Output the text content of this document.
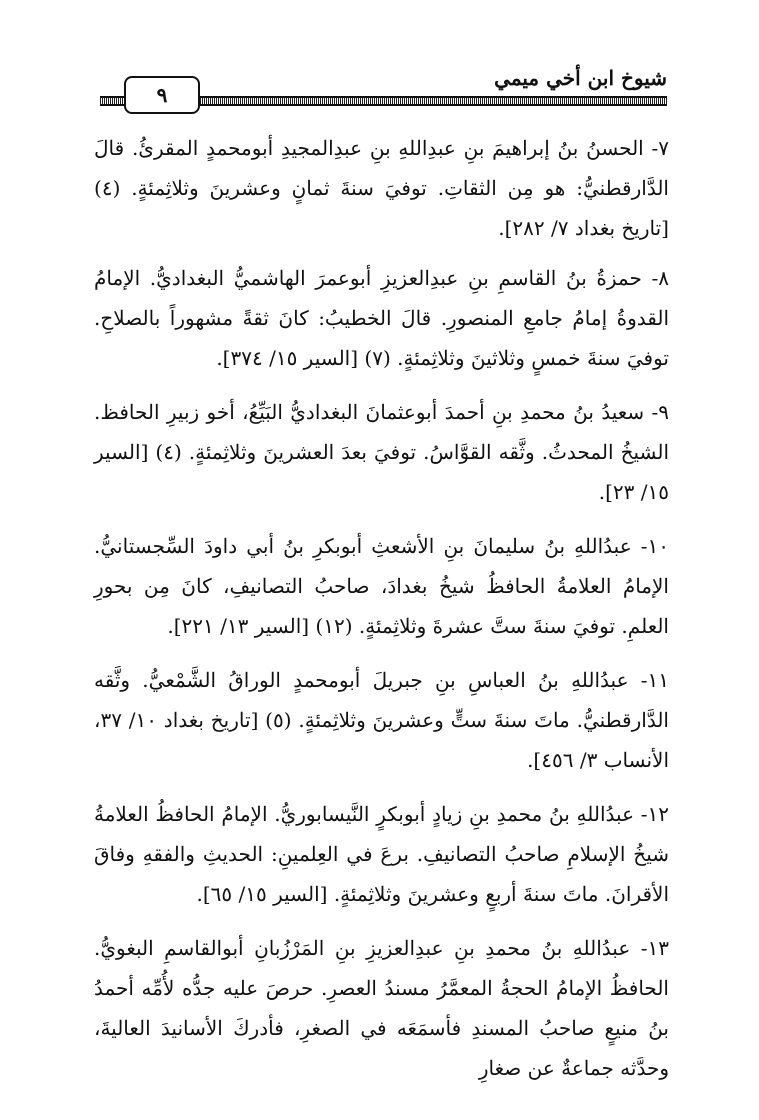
شيوخ ابن أخي ميمي
٩

٧- الحسنُ بنُ إبراهيمَ بنِ عبدِاللهِ بنِ عبدِالمجيدِ أبومحمدٍ المقرئُ. قالَ الدَّارقطنيُّ: هو مِن الثقاتِ. توفيَ سنةَ ثمانٍ وعشرينَ وثلاثِمئةٍ. (٤) [تاريخ بغداد ٧/ ٢٨٢].

٨- حمزةُ بنُ القاسمِ بنِ عبدِالعزيزِ أبوعمرَ الهاشميُّ البغداديُّ. الإمامُ القدوةُ إمامُ جامعِ المنصورِ. قالَ الخطيبُ: كانَ ثقةً مشهوراً بالصلاحِ. توفيَ سنةَ خمسٍ وثلاثينَ وثلاثِمئةٍ. (٧) [السير ١٥/ ٣٧٤].

٩- سعيدُ بنُ محمدِ بنِ أحمدَ أبوعثمانَ البغداديُّ البَيِّعُ، أخو زبيرِ الحافظ. الشيخُ المحدثُ. وثَّقه القوَّاسُ. توفيَ بعدَ العشرينَ وثلاثِمئةٍ. (٤) [السير ١٥/ ٢٣].

١٠- عبدُاللهِ بنُ سليمانَ بنِ الأشعثِ أبوبكرِ بنُ أبي داودَ السِّجستانيُّ. الإمامُ العلامةُ الحافظُ شيخُ بغدادَ، صاحبُ التصانيفِ، كانَ مِن بحورِ العلمِ. توفيَ سنةَ ستَّ عشرةَ وثلاثِمئةٍ. (١٢) [السير ١٣/ ٢٢١].

١١- عبدُاللهِ بنُ العباسِ بنِ جبريلَ أبومحمدٍ الوراقُ الشَّمْعيُّ. وثَّقه الدَّارقطنيُّ. ماتَ سنةَ ستٍّ وعشرينَ وثلاثِمئةٍ. (٥) [تاريخ بغداد ١٠/ ٣٧، الأنساب ٣/ ٤٥٦].

١٢- عبدُاللهِ بنُ محمدِ بنِ زيادٍ أبوبكرٍ النَّيسابوريُّ. الإمامُ الحافظُ العلامةُ شيخُ الإسلامِ صاحبُ التصانيفِ. برعَ في العِلمينِ: الحديثِ والفقهِ وفاقَ الأقرانَ. ماتَ سنةَ أربعٍ وعشرينَ وثلاثِمئةٍ. [السير ١٥/ ٦٥].

١٣- عبدُاللهِ بنُ محمدِ بنِ عبدِالعزيزِ بنِ المَرْزُبانِ أبوالقاسمِ البغويُّ. الحافظُ الإمامُ الحجةُ المعمَّرُ مسندُ العصرِ. حرصَ عليه جدُّه لأُمِّه أحمدُ بنُ منيعٍ صاحبُ المسندِ فأسمَعَه في الصغرِ، فأدركَ الأسانيدَ العاليةَ، وحدَّثه جماعةٌ عن صغارِ
